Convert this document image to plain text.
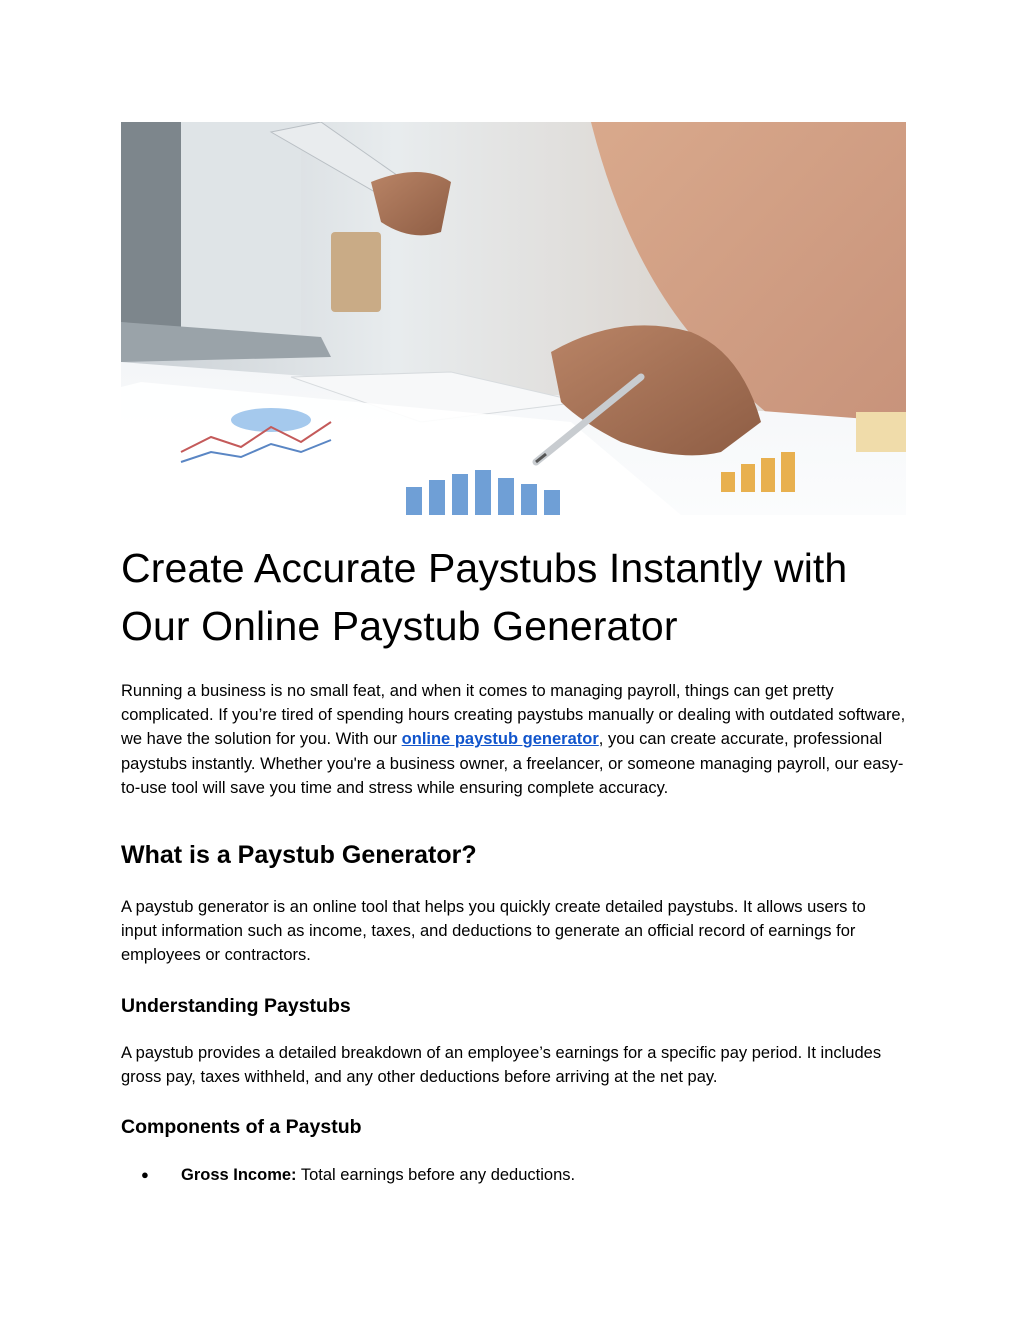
Create Accurate Paystubs Instantly with Our Online Paystub Generator

Running a business is no small feat, and when it comes to managing payroll, things can get pretty complicated. If you’re tired of spending hours creating paystubs manually or dealing with outdated software, we have the solution for you. With our online paystub generator, you can create accurate, professional paystubs instantly. Whether you're a business owner, a freelancer, or someone managing payroll, our easy-to-use tool will save you time and stress while ensuring complete accuracy.

What is a Paystub Generator?

A paystub generator is an online tool that helps you quickly create detailed paystubs. It allows users to input information such as income, taxes, and deductions to generate an official record of earnings for employees or contractors.

Understanding Paystubs

A paystub provides a detailed breakdown of an employee’s earnings for a specific pay period. It includes gross pay, taxes withheld, and any other deductions before arriving at the net pay.

Components of a Paystub
● Gross Income: Total earnings before any deductions.
